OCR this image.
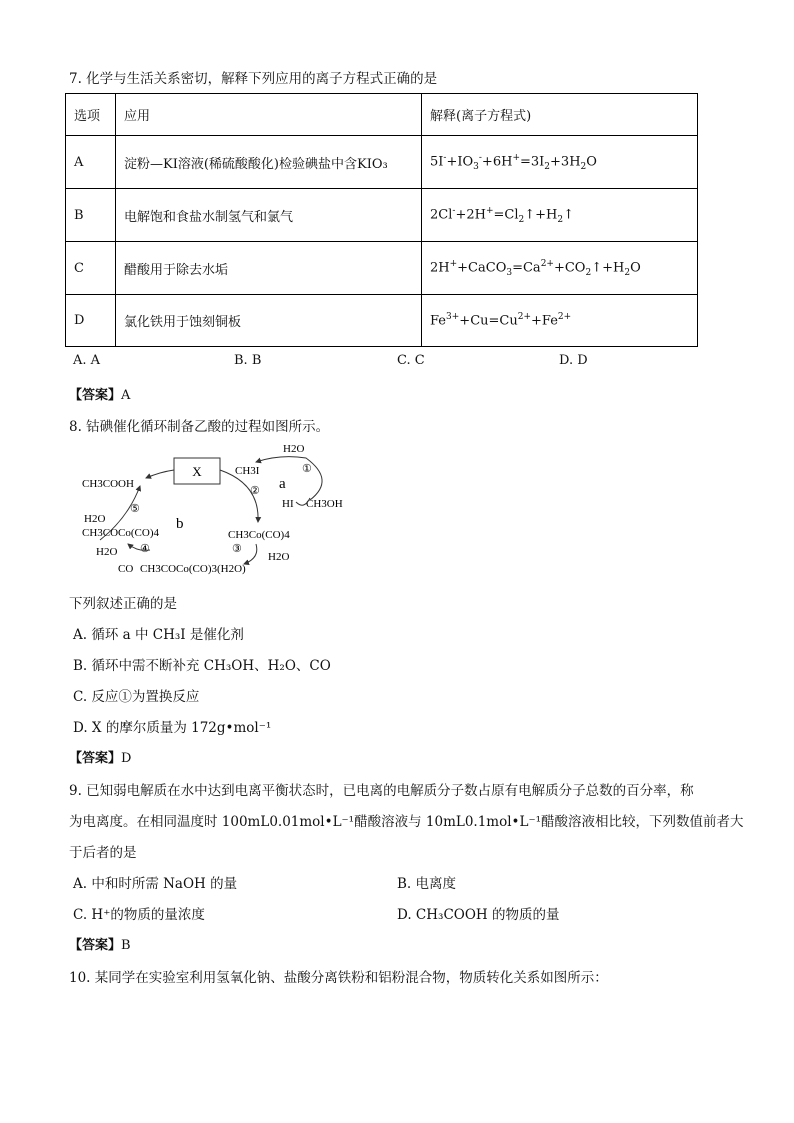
7. 化学与生活关系密切，解释下列应用的离子方程式正确的是
选项	应用	解释(离子方程式)
A	淀粉—KI溶液(稀硫酸酸化)检验碘盐中含KIO₃	$5I^-+IO_3^-+6H^+=3I_2+3H_2O$
B	电解饱和食盐水制氢气和氯气	$2Cl^-+2H^+=Cl_2↑+H_2↑$
C	醋酸用于除去水垢	$2H^++CaCO_3=Ca^{2+}+CO_2↑+H_2O$
D	氯化铁用于蚀刻铜板	$Fe^{3+}+Cu=Cu^{2+}+Fe^{2+}$
A. A	B. B	C. C	D. D
【答案】A
8. 钴碘催化循环制备乙酸的过程如图所示。
X
CH3COOH
⑤
H2O
CH3COCo(CO)4
b
H2O ④
CO CH3COCo(CO)3(H2O)
H2O
CH3I	①
a
②
HI CH3OH
CH3Co(CO)4
③
H2O
下列叙述正确的是
A. 循环 a 中 CH₃I 是催化剂
B. 循环中需不断补充 CH₃OH、H₂O、CO
C. 反应①为置换反应
D. X 的摩尔质量为 172g•mol⁻¹
【答案】D
9. 已知弱电解质在水中达到电离平衡状态时，已电离的电解质分子数占原有电解质分子总数的百分率，称
为电离度。在相同温度时 100mL0.01mol•L⁻¹醋酸溶液与 10mL0.1mol•L⁻¹醋酸溶液相比较，下列数值前者大
于后者的是
A. 中和时所需 NaOH 的量	B. 电离度
C. H⁺的物质的量浓度	D. CH₃COOH 的物质的量
【答案】B
10. 某同学在实验室利用氢氧化钠、盐酸分离铁粉和铝粉混合物，物质转化关系如图所示：
